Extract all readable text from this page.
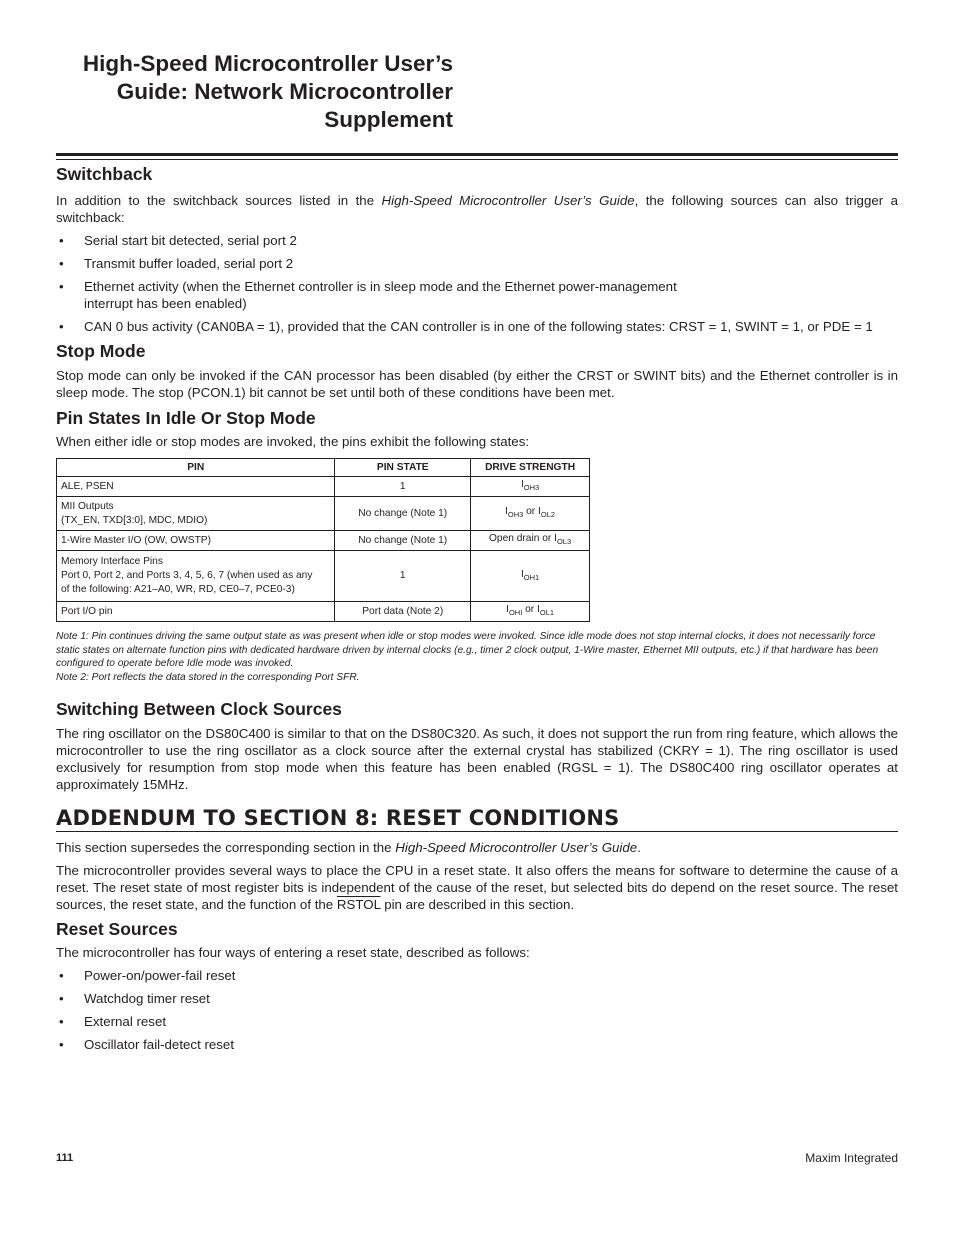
High-Speed Microcontroller User’s
Guide: Network Microcontroller
Supplement
Switchback

In addition to the switchback sources listed in the High-Speed Microcontroller User’s Guide, the following sources can also trigger a switchback:

• Serial start bit detected, serial port 2
• Transmit buffer loaded, serial port 2
• Ethernet activity (when the Ethernet controller is in sleep mode and the Ethernet power-management
interrupt has been enabled)
• CAN 0 bus activity (CAN0BA = 1), provided that the CAN controller is in one of the following states: CRST = 1, SWINT = 1, or PDE = 1
Stop Mode

Stop mode can only be invoked if the CAN processor has been disabled (by either the CRST or SWINT bits) and the Ethernet controller is in sleep mode. The stop (PCON.1) bit cannot be set until both of these conditions have been met.

Pin States In Idle Or Stop Mode

When either idle or stop modes are invoked, the pins exhibit the following states:

PIN	PIN STATE	DRIVE STRENGTH
ALE, PSEN	1	$I_{OH3}$
MII Outputs
(TX_EN, TXD[3:0], MDC, MDIO)	No change (Note 1)	$I_{OH3}$ or $I_{OL2}$
1-Wire Master I/O (OW, OWSTP)	No change (Note 1)	Open drain or $I_{OL3}$
Memory Interface Pins
Port 0, Port 2, and Ports 3, 4, 5, 6, 7 (when used as any
of the following: A21–A0, WR, RD, CE0–7, PCE0-3)	1	$I_{OH1}$
Port I/O pin	Port data (Note 2)	$I_{OHI}$ or $I_{OL1}$

Note 1: Pin continues driving the same output state as was present when idle or stop modes were invoked. Since idle mode does not stop internal clocks, it does not necessarily force static states on alternate function pins with dedicated hardware driven by internal clocks (e.g., timer 2 clock output, 1-Wire master, Ethernet MII outputs, etc.) if that hardware has been configured to operate before Idle mode was invoked.

Note 2: Port reflects the data stored in the corresponding Port SFR.

Switching Between Clock Sources

The ring oscillator on the DS80C400 is similar to that on the DS80C320. As such, it does not support the run from ring feature, which allows the microcontroller to use the ring oscillator as a clock source after the external crystal has stabilized (CKRY = 1). The ring oscillator is used exclusively for resumption from stop mode when this feature has been enabled (RGSL = 1). The DS80C400 ring oscillator operates at approximately 15MHz.

ADDENDUM TO SECTION 8: RESET CONDITIONS

This section supersedes the corresponding section in the High-Speed Microcontroller User’s Guide.

The microcontroller provides several ways to place the CPU in a reset state. It also offers the means for software to determine the cause of a reset. The reset state of most register bits is independent of the cause of the reset, but selected bits do depend on the reset source. The reset sources, the reset state, and the function of the RSTOL pin are described in this section.

Reset Sources

The microcontroller has four ways of entering a reset state, described as follows:

• Power-on/power-fail reset
• Watchdog timer reset
• External reset
• Oscillator fail-detect reset
111	Maxim Integrated
